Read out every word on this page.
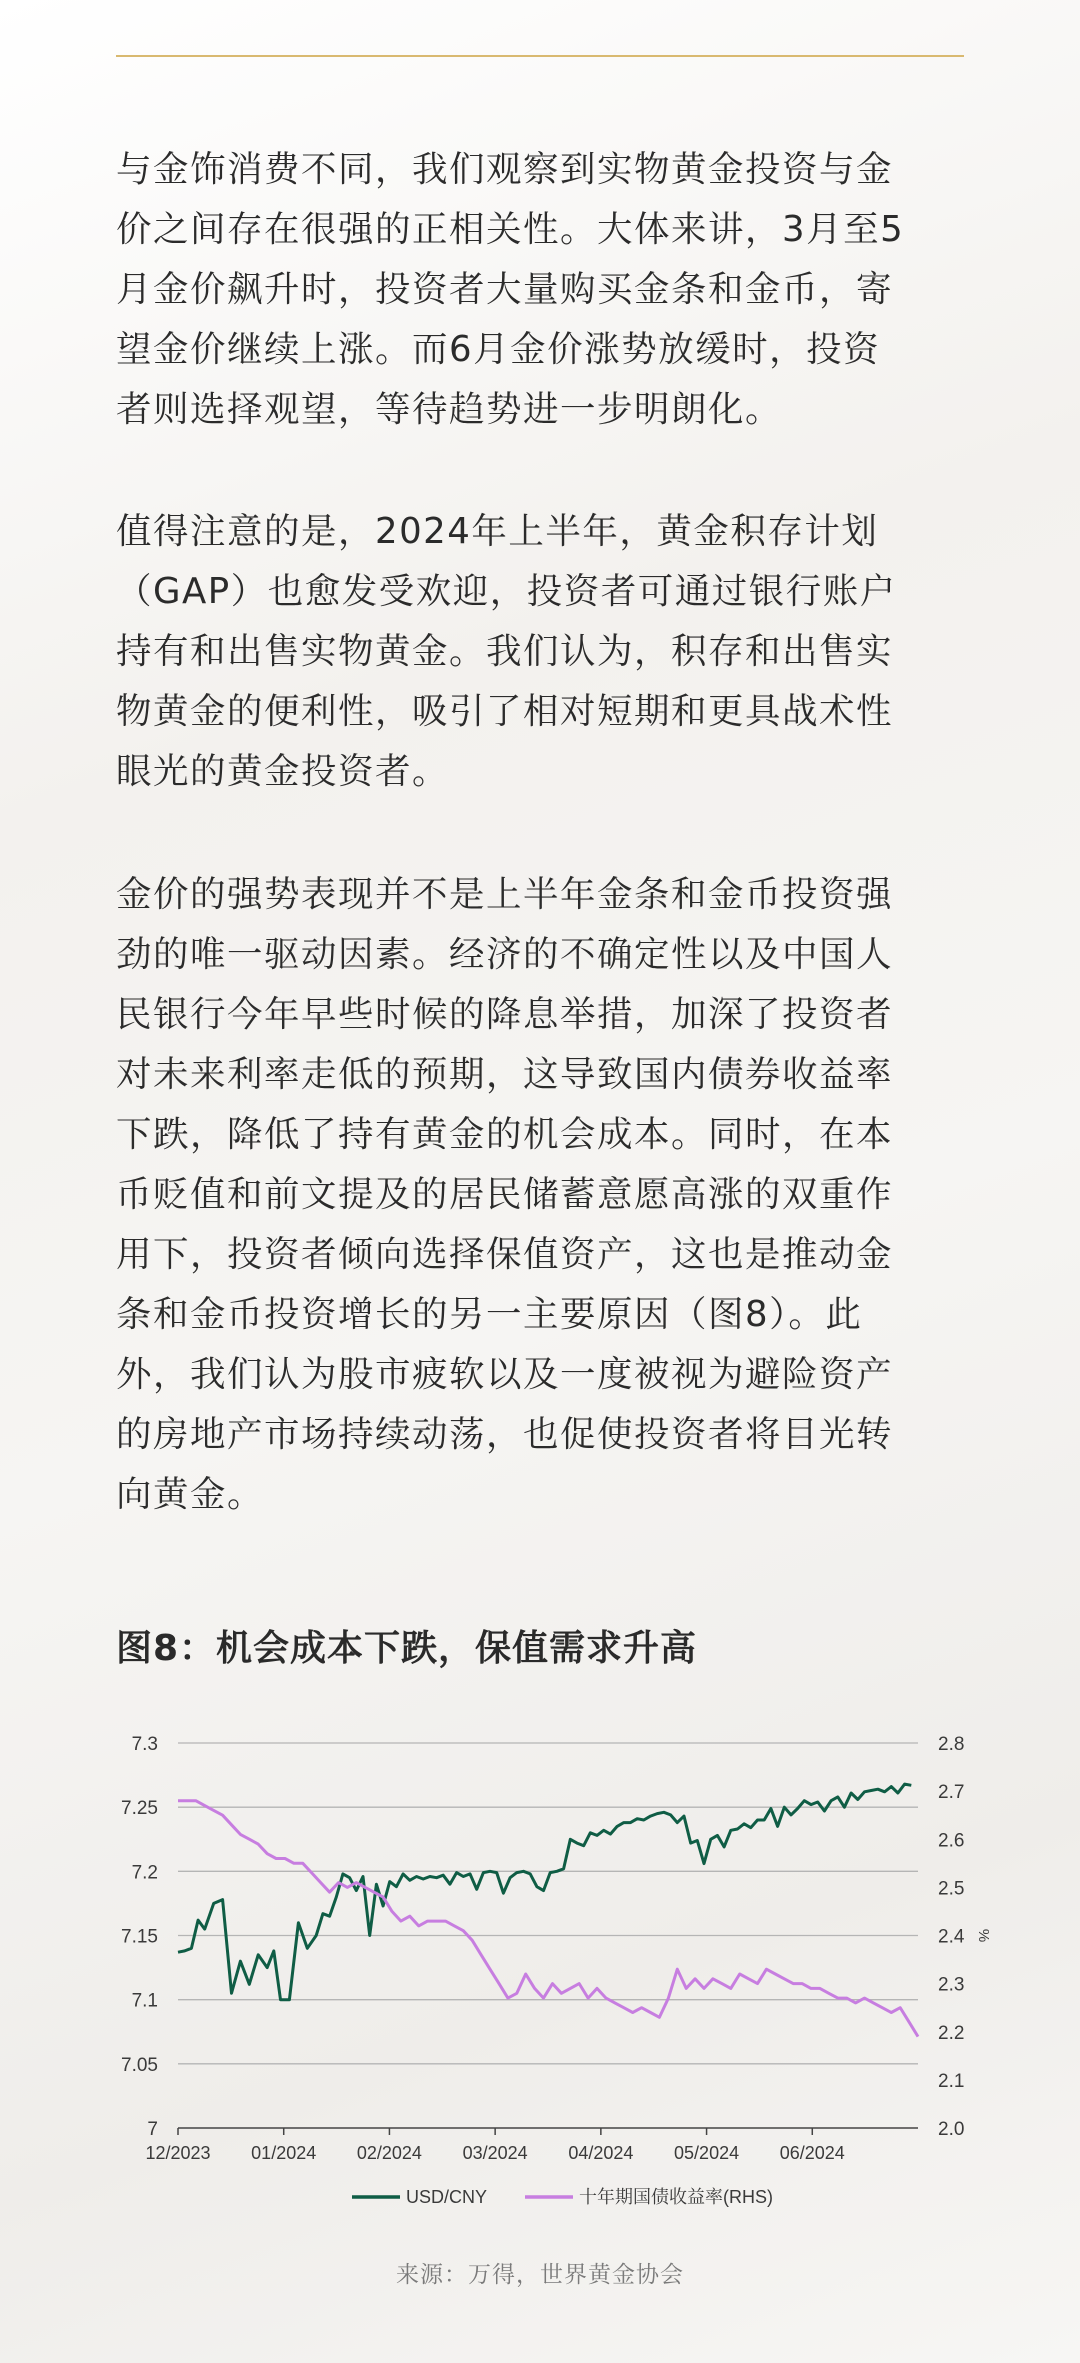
与金饰消费不同，我们观察到实物黄金投资与金
价之间存在很强的正相关性。大体来讲，3月至5
月金价飙升时，投资者大量购买金条和金币，寄
望金价继续上涨。而6月金价涨势放缓时，投资
者则选择观望，等待趋势进一步明朗化。
值得注意的是，2024年上半年，黄金积存计划
（GAP）也愈发受欢迎，投资者可通过银行账户
持有和出售实物黄金。我们认为，积存和出售实
物黄金的便利性，吸引了相对短期和更具战术性
眼光的黄金投资者。
金价的强势表现并不是上半年金条和金币投资强
劲的唯一驱动因素。经济的不确定性以及中国人
民银行今年早些时候的降息举措，加深了投资者
对未来利率走低的预期，这导致国内债券收益率
下跌，降低了持有黄金的机会成本。同时，在本
币贬值和前文提及的居民储蓄意愿高涨的双重作
用下，投资者倾向选择保值资产，这也是推动金
条和金币投资增长的另一主要原因（图8）。此
外，我们认为股市疲软以及一度被视为避险资产
的房地产市场持续动荡，也促使投资者将目光转
向黄金。
图8：机会成本下跌，保值需求升高
7.3
7.25
7.2
7.15
7.1
7.05
7
2.8
2.7
2.6
2.5
2.4
2.3
2.2
2.1
2.0
%
12/2023 01/2024 02/2024 03/2024 04/2024 05/2024 06/2024
USD/CNY	十年期国债收益率(RHS)
来源：万得，世界黄金协会
